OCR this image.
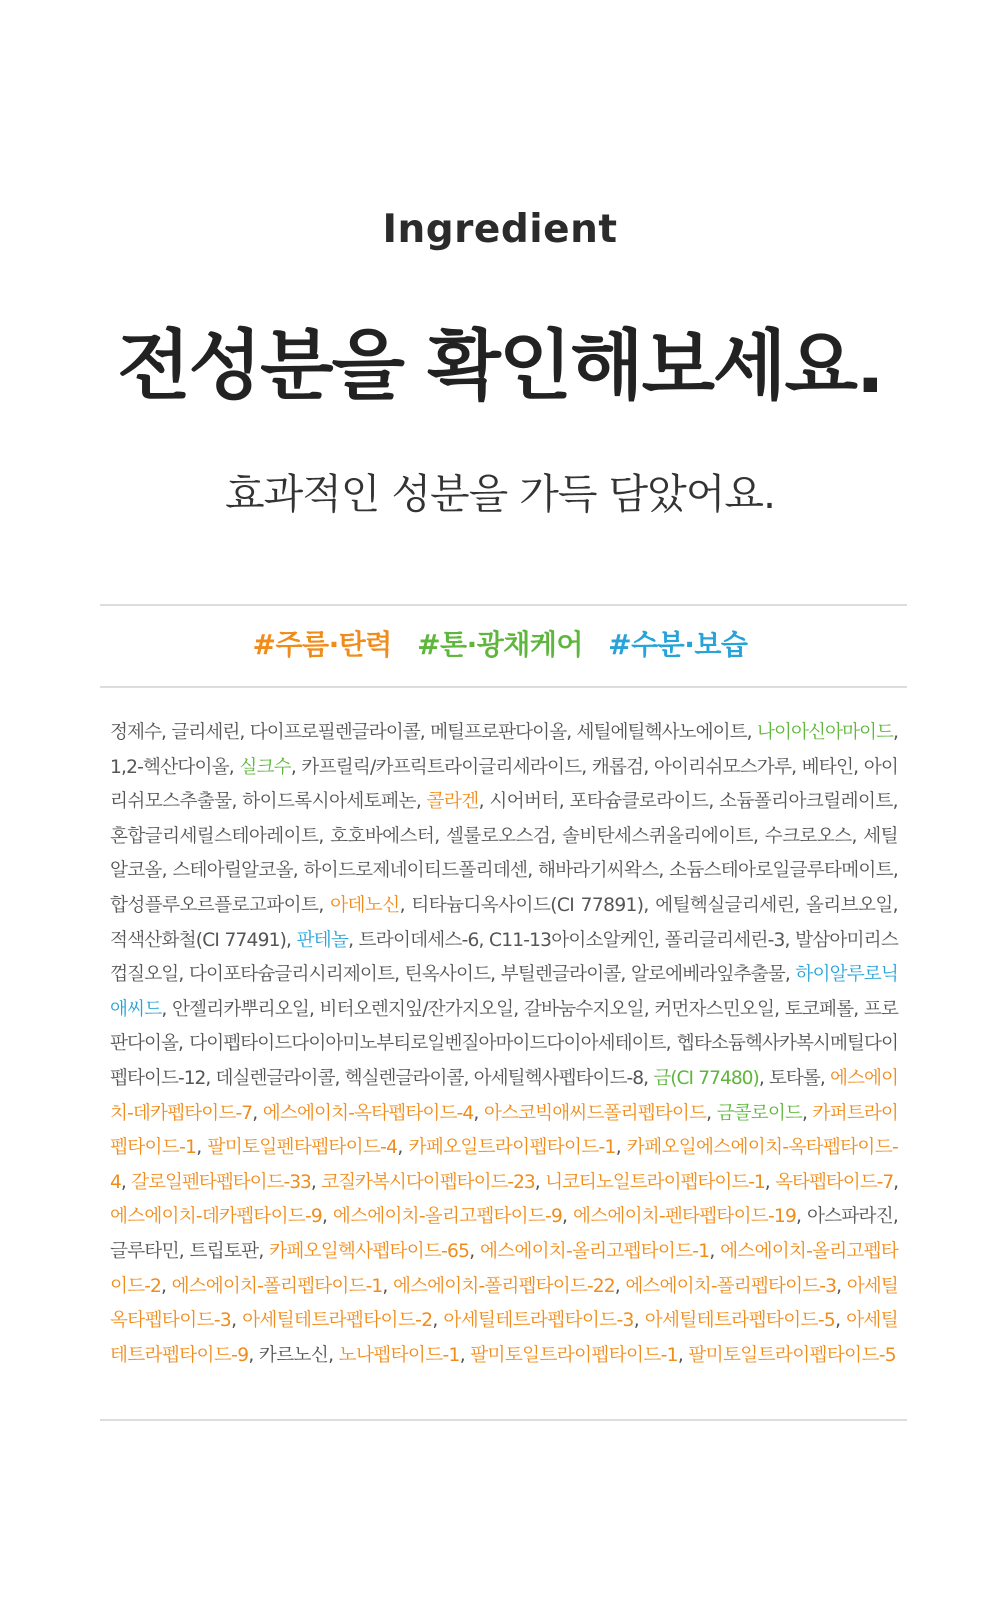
Ingredient
전성분을 확인해보세요.
효과적인 성분을 가득 담았어요.
#주름·탄력 #톤·광채케어 #수분·보습
정제수, 글리세린, 다이프로필렌글라이콜, 메틸프로판다이올, 세틸에틸헥사노에이트, 나이아신아마이드,
1,2-헥산다이올, 실크수, 카프릴릭/카프릭트라이글리세라이드, 캐롭검, 아이리쉬모스가루, 베타인, 아이
리쉬모스추출물, 하이드록시아세토페논, 콜라겐, 시어버터, 포타슘클로라이드, 소듐폴리아크릴레이트,
혼합글리세릴스테아레이트, 호호바에스터, 셀룰로오스검, 솔비탄세스퀴올리에이트, 수크로오스, 세틸
알코올, 스테아릴알코올, 하이드로제네이티드폴리데센, 해바라기씨왁스, 소듐스테아로일글루타메이트,
합성플루오르플로고파이트, 아데노신, 티타늄디옥사이드(CI 77891), 에틸헥실글리세린, 올리브오일,
적색산화철(CI 77491), 판테놀, 트라이데세스-6, C11-13아이소알케인, 폴리글리세린-3, 발삼아미리스
껍질오일, 다이포타슘글리시리제이트, 틴옥사이드, 부틸렌글라이콜, 알로에베라잎추출물, 하이알루로닉
애씨드, 안젤리카뿌리오일, 비터오렌지잎/잔가지오일, 갈바눔수지오일, 커먼자스민오일, 토코페롤, 프로
판다이올, 다이펩타이드다이아미노부티로일벤질아마이드다이아세테이트, 헵타소듐헥사카복시메틸다이
펩타이드-12, 데실렌글라이콜, 헥실렌글라이콜, 아세틸헥사펩타이드-8, 금(CI 77480), 토타롤, 에스에이
치-데카펩타이드-7, 에스에이치-옥타펩타이드-4, 아스코빅애씨드폴리펩타이드, 금콜로이드, 카퍼트라이
펩타이드-1, 팔미토일펜타펩타이드-4, 카페오일트라이펩타이드-1, 카페오일에스에이치-옥타펩타이드-
4, 갈로일펜타펩타이드-33, 코질카복시다이펩타이드-23, 니코티노일트라이펩타이드-1, 옥타펩타이드-7,
에스에이치-데카펩타이드-9, 에스에이치-올리고펩타이드-9, 에스에이치-펜타펩타이드-19, 아스파라진,
글루타민, 트립토판, 카페오일헥사펩타이드-65, 에스에이치-올리고펩타이드-1, 에스에이치-올리고펩타
이드-2, 에스에이치-폴리펩타이드-1, 에스에이치-폴리펩타이드-22, 에스에이치-폴리펩타이드-3, 아세틸
옥타펩타이드-3, 아세틸테트라펩타이드-2, 아세틸테트라펩타이드-3, 아세틸테트라펩타이드-5, 아세틸
테트라펩타이드-9, 카르노신, 노나펩타이드-1, 팔미토일트라이펩타이드-1, 팔미토일트라이펩타이드-5
